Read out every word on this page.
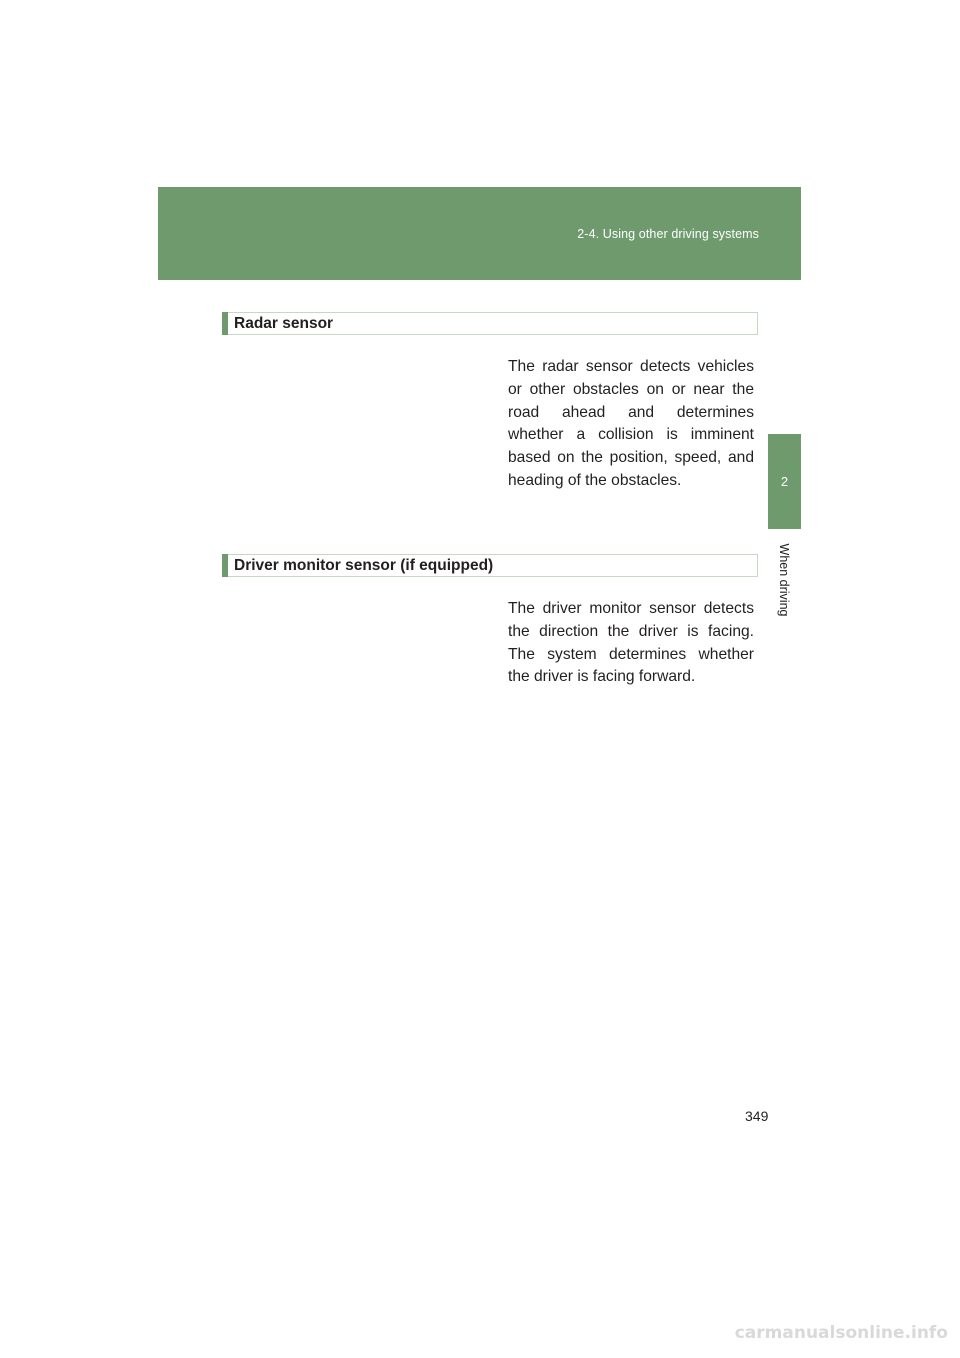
2-4. Using other driving systems
2
When driving
Radar sensor
The radar sensor detects vehicles or other obstacles on or near the road ahead and determines whether a collision is imminent based on the position, speed, and heading of the obstacles.
Driver monitor sensor (if equipped)
The driver monitor sensor detects the direction the driver is facing. The system determines whether the driver is facing forward.
349
carmanualsonline.info
